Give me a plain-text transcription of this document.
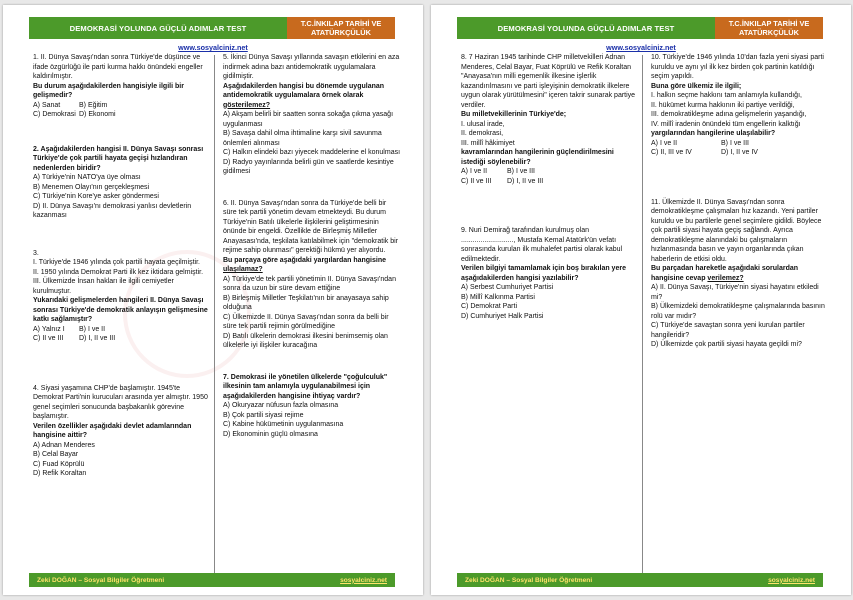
DEMOKRASİ YOLUNDA GÜÇLÜ ADIMLAR TEST	T.C.İNKILAP TARİHİ VE ATATÜRKÇÜLÜK
www.sosyalciniz.net

1. II. Dünya Savaşı'ndan sonra Türkiye'de düşünce ve ifade özgürlüğü ile parti kurma hakkı önündeki engeller kaldırılmıştır.

Bu durum aşağıdakilerden hangisiyle ilgili bir gelişmedir?

A) Sanat	B) Eğitim
C) Demokrasi D) Ekonomi

2. Aşağıdakilerden hangisi II. Dünya Savaşı sonrası Türkiye'de çok partili hayata geçişi hızlandıran nedenlerden biridir?

A) Türkiye'nin NATO'ya üye olması

B) Menemen Olayı'nın gerçekleşmesi

C) Türkiye'nin Kore'ye asker göndermesi

D) II. Dünya Savaşı'nı demokrasi yanlısı devletlerin kazanması

3.

I. Türkiye'de 1946 yılında çok partili hayata geçilmiştir.

II. 1950 yılında Demokrat Parti ilk kez iktidara gelmiştir.

III. Ülkemizde İnsan hakları ile ilgili cemiyetler kurulmuştur.

Yukarıdaki gelişmelerden hangileri II. Dünya Savaşı sonrası Türkiye'de demokratik anlayışın gelişmesine katkı sağlamıştır?

A) Yalnız I	B) I ve II
C) II ve III	D) I, II ve III

4. Siyasi yaşamına CHP'de başlamıştır. 1945'te Demokrat Parti'nin kurucuları arasında yer almıştır. 1950 genel seçimleri sonucunda başbakanlık görevine başlamıştır.

Verilen özellikler aşağıdaki devlet adamlarından hangisine aittir?

A) Adnan Menderes

B) Celal Bayar

C) Fuad Köprülü

D) Refik Koraltan

5. İkinci Dünya Savaşı yıllarında savaşın etkilerini en aza indirmek adına bazı antidemokratik uygulamalara gidilmiştir.

Aşağıdakilerden hangisi bu dönemde uygulanan antidemokratik uygulamalara örnek olarak gösterilemez?

A) Akşam belirli bir saatten sonra sokağa çıkma yasağı uygulanması

B) Savaşa dahil olma ihtimaline karşı sivil savunma önlemleri alınması

C) Halkın elindeki bazı yiyecek maddelerine el konulması

D) Radyo yayınlarında belirli gün ve saatlerde kesintiye gidilmesi

6. II. Dünya Savaşı'ndan sonra da Türkiye'de belli bir süre tek partili yönetim devam etmekteydi. Bu durum Türkiye'nin Batılı ülkelerle ilişkilerini geliştirmesinin önünde bir engeldi. Özellikle de Birleşmiş Milletler Anayasası'nda, teşkilata katılabilmek için "demokratik bir rejime sahip olunması" gerektiği hükmü yer alıyordu.

Bu parçaya göre aşağıdaki yargılardan hangisine ulaşılamaz?

A) Türkiye'de tek partili yönetimin II. Dünya Savaşı'ndan sonra da uzun bir süre devam ettiğine

B) Birleşmiş Milletler Teşkilatı'nın bir anayasaya sahip olduğuna

C) Ülkemizde II. Dünya Savaşı'ndan sonra da belli bir süre tek partili rejimin görülmediğine

D) Batılı ülkelerin demokrasi ilkesini benimsemiş olan ülkelerle iyi ilişkiler kuracağına

7. Demokrasi ile yönetilen ülkelerde "çoğulculuk" ilkesinin tam anlamıyla uygulanabilmesi için aşağıdakilerden hangisine ihtiyaç vardır?

A) Okuryazar nüfusun fazla olmasına

B) Çok partili siyasi rejime

C) Kabine hükümetinin uygulanmasına

D) Ekonominin güçlü olmasına

Zeki DOĞAN – Sosyal Bilgiler Öğretmeni	sosyalciniz.net
DEMOKRASİ YOLUNDA GÜÇLÜ ADIMLAR TEST	T.C.İNKILAP TARİHİ VE ATATÜRKÇÜLÜK
www.sosyalciniz.net

8. 7 Haziran 1945 tarihinde CHP milletvekilleri Adnan Menderes, Celal Bayar, Fuat Köprülü ve Refik Koraltan "Anayasa'nın milli egemenlik ilkesine işlerlik kazandırılmasını ve parti işleyişinin demokratik ilkelere uygun olarak yürütülmesini" içeren takrir sunarak partiye verdiler.

Bu milletvekillerinin Türkiye'de;

I. ulusal irade,

II. demokrasi,

III. millî hâkimiyet

kavramlarından hangilerinin güçlendirilmesini istediği söylenebilir?

A) I ve II	B) I ve III
C) II ve III	D) I, II ve III

9. Nuri Demirağ tarafından kurulmuş olan ..........................., Mustafa Kemal Atatürk'ün vefatı sonrasında kurulan ilk muhalefet partisi olarak kabul edilmektedir.

Verilen bilgiyi tamamlamak için boş bırakılan yere aşağıdakilerden hangisi yazılabilir?

A) Serbest Cumhuriyet Partisi

B) Millî Kalkınma Partisi

C) Demokrat Parti

D) Cumhuriyet Halk Partisi

10. Türkiye'de 1946 yılında 10'dan fazla yeni siyasi parti kuruldu ve aynı yıl ilk kez birden çok partinin katıldığı seçim yapıldı.

Buna göre ülkemiz ile ilgili;

I. halkın seçme hakkını tam anlamıyla kullandığı,

II. hükümet kurma hakkının iki partiye verildiği,

III. demokratikleşme adına gelişmelerin yaşandığı,

IV. millî iradenin önündeki tüm engellerin kalktığı

yargılarından hangilerine ulaşılabilir?

A) I ve II	B) I ve III
C) II, III ve IV	D) I, II ve IV

11. Ülkemizde II. Dünya Savaşı'ndan sonra demokratikleşme çalışmaları hız kazandı. Yeni partiler kuruldu ve bu partilerle genel seçimlere gidildi. Böylece çok partili siyasi hayata geçiş sağlandı. Ayrıca demokratikleşme alanındaki bu çalışmaların hızlanmasında basın ve yayın organlarında çıkan haberlerin de etkisi oldu.

Bu parçadan hareketle aşağıdaki sorulardan hangisine cevap verilemez?

A) II. Dünya Savaşı, Türkiye'nin siyasi hayatını etkiledi mi?

B) Ülkemizdeki demokratikleşme çalışmalarında basının rolü var mıdır?

C) Türkiye'de savaştan sonra yeni kurulan partiler hangileridir?

D) Ülkemizde çok partili siyasi hayata geçildi mi?

Zeki DOĞAN – Sosyal Bilgiler Öğretmeni	sosyalciniz.net
